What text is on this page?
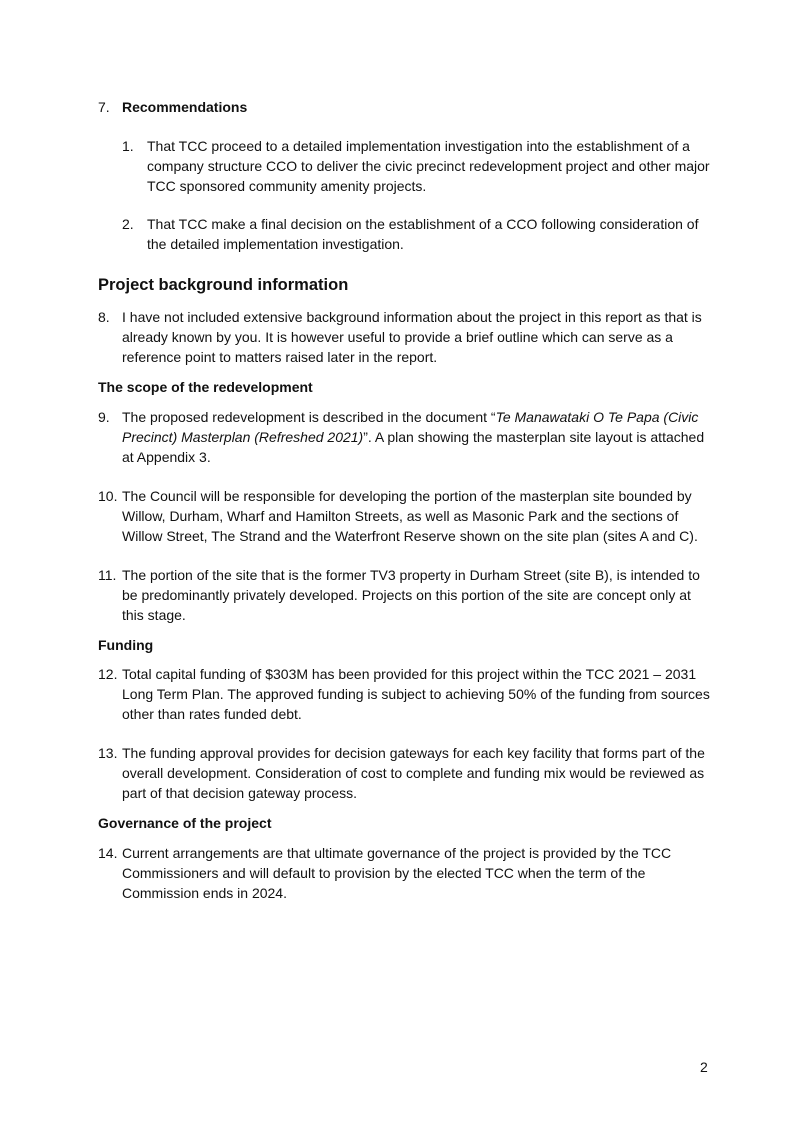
7. Recommendations
1. That TCC proceed to a detailed implementation investigation into the establishment of a company structure CCO to deliver the civic precinct redevelopment project and other major TCC sponsored community amenity projects.
2. That TCC make a final decision on the establishment of a CCO following consideration of the detailed implementation investigation.
Project background information
8. I have not included extensive background information about the project in this report as that is already known by you. It is however useful to provide a brief outline which can serve as a reference point to matters raised later in the report.
The scope of the redevelopment
9. The proposed redevelopment is described in the document “Te Manawataki O Te Papa (Civic Precinct) Masterplan (Refreshed 2021)”. A plan showing the masterplan site layout is attached at Appendix 3.
10. The Council will be responsible for developing the portion of the masterplan site bounded by Willow, Durham, Wharf and Hamilton Streets, as well as Masonic Park and the sections of Willow Street, The Strand and the Waterfront Reserve shown on the site plan (sites A and C).
11. The portion of the site that is the former TV3 property in Durham Street (site B), is intended to be predominantly privately developed. Projects on this portion of the site are concept only at this stage.
Funding
12. Total capital funding of $303M has been provided for this project within the TCC 2021 – 2031 Long Term Plan. The approved funding is subject to achieving 50% of the funding from sources other than rates funded debt.
13. The funding approval provides for decision gateways for each key facility that forms part of the overall development. Consideration of cost to complete and funding mix would be reviewed as part of that decision gateway process.
Governance of the project
14. Current arrangements are that ultimate governance of the project is provided by the TCC Commissioners and will default to provision by the elected TCC when the term of the Commission ends in 2024.
2
